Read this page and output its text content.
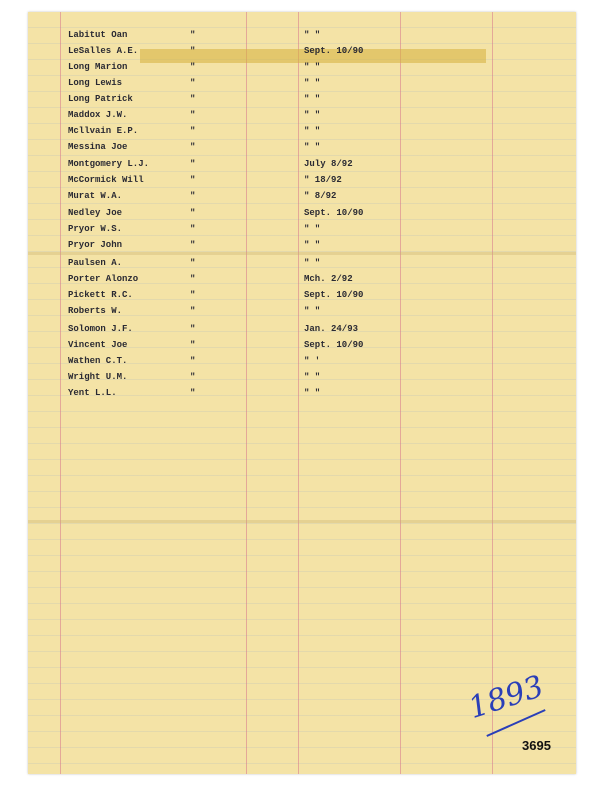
Labitut Oan	"	" "
LeSalles A.E.	"	Sept. 10/90
Long Marion	"	" "
Long Lewis	"	" "
Long Patrick	"	" "
Maddox J.W.	"	" "
Mcllvain E.P.	"	" "
Messina Joe	"	" "
Montgomery L.J.	"	July 8/92
McCormick Will	"	" 18/92
Murat W.A.	"	" 8/92
Nedley Joe	"	Sept. 10/90
Pryor W.S.	"	" "
Pryor John	"	" "
Paulsen A.	"	" "
Porter Alonzo	"	Mch. 2/92
Pickett R.C.	"	Sept. 10/90
Roberts W.	"	" "
Solomon J.F.	"	Jan. 24/93
Vincent Joe	"	Sept. 10/90
Wathen C.T.	"	" '
Wright U.M.	"	" "
Yent L.L.	"	" "
1893
3695
